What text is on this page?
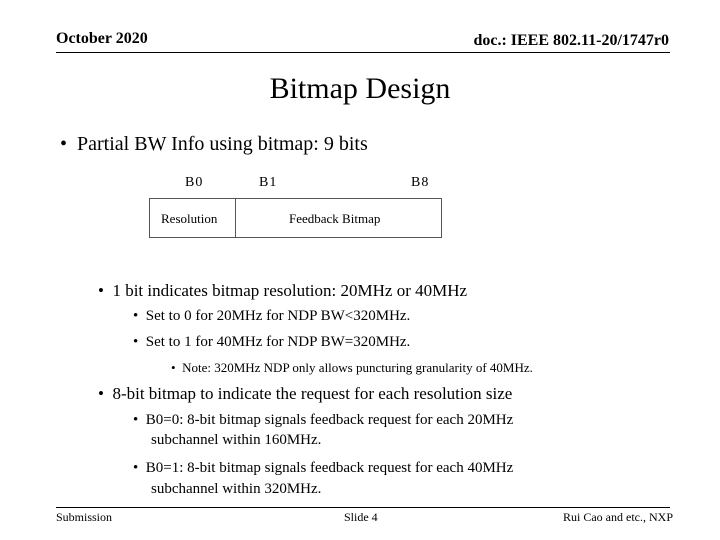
October 2020	doc.: IEEE 802.11-20/1747r0
Bitmap Design
• Partial BW Info using bitmap: 9 bits
B0	B1	B8
Resolution	Feedback Bitmap
• 1 bit indicates bitmap resolution: 20MHz or 40MHz
• Set to 0 for 20MHz for NDP BW<320MHz.
• Set to 1 for 40MHz for NDP BW=320MHz.
• Note: 320MHz NDP only allows puncturing granularity of 40MHz.
• 8-bit bitmap to indicate the request for each resolution size
• B0=0: 8-bit bitmap signals feedback request for each 20MHz
subchannel within 160MHz.
• B0=1: 8-bit bitmap signals feedback request for each 40MHz
subchannel within 320MHz.
Submission	Slide 4	Rui Cao and etc., NXP
